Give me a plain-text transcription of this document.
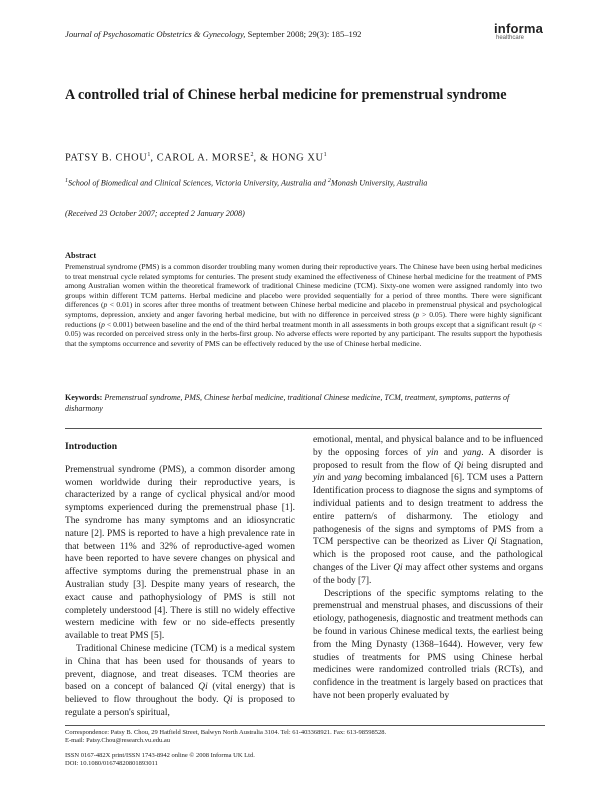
Journal of Psychosomatic Obstetrics & Gynecology, September 2008; 29(3): 185–192	informa
healthcare
A controlled trial of Chinese herbal medicine for premenstrual syndrome
PATSY B. CHOU$^1$, CAROL A. MORSE$^2$, & HONG $XU^1$
$^1$School of Biomedical and Clinical Sciences, Victoria University, Australia and $^2$Monash University, Australia
(Received 23 October 2007; accepted 2 January 2008)
Abstract
Premenstrual syndrome (PMS) is a common disorder troubling many women during their reproductive years. The Chinese have been using herbal medicines to treat menstrual cycle related symptoms for centuries. The present study examined the effectiveness of Chinese herbal medicine for the treatment of PMS among Australian women within the theoretical framework of traditional Chinese medicine (TCM). Sixty-one women were assigned randomly into two groups within different TCM patterns. Herbal medicine and placebo were provided sequentially for a period of three months. There were significant differences (p < 0.01) in scores after three months of treatment between Chinese herbal medicine and placebo in premenstrual physical and psychological symptoms, depression, anxiety and anger favoring herbal medicine, but with no difference in perceived stress (p > 0.05). There were highly significant reductions (p < 0.001) between baseline and the end of the third herbal treatment month in all assessments in both groups except that a significant result (p < 0.05) was recorded on perceived stress only in the herbs-first group. No adverse effects were reported by any participant. The results support the hypothesis that the symptoms occurrence and severity of PMS can be effectively reduced by the use of Chinese herbal medicine.
Keywords: Premenstrual syndrome, PMS, Chinese herbal medicine, traditional Chinese medicine, TCM, treatment, symptoms, patterns of disharmony

Introduction

Premenstrual syndrome (PMS), a common disorder among women worldwide during their reproductive years, is characterized by a range of cyclical physical and/or mood symptoms experienced during the premenstrual phase [1]. The syndrome has many symptoms and an idiosyncratic nature [2]. PMS is reported to have a high prevalence rate in that between 11% and 32% of reproductive-aged women have been reported to have severe changes on physical and affective symptoms during the premenstrual phase in an Australian study [3]. Despite many years of research, the exact cause and pathophysiology of PMS is still not completely understood [4]. There is still no widely effective western medicine with few or no side-effects presently available to treat PMS [5].

Traditional Chinese medicine (TCM) is a medical system in China that has been used for thousands of years to prevent, diagnose, and treat diseases. TCM theories are based on a concept of balanced Qi (vital energy) that is believed to flow throughout the body. Qi is proposed to regulate a person's spiritual,

emotional, mental, and physical balance and to be influenced by the opposing forces of yin and yang. A disorder is proposed to result from the flow of Qi being disrupted and yin and yang becoming imbalanced [6]. TCM uses a Pattern Identification process to diagnose the signs and symptoms of individual patients and to design treatment to address the entire pattern/s of disharmony. The etiology and pathogenesis of the signs and symptoms of PMS from a TCM perspective can be theorized as Liver Qi Stagnation, which is the proposed root cause, and the pathological changes of the Liver Qi may affect other systems and organs of the body [7].

Descriptions of the specific symptoms relating to the premenstrual and menstrual phases, and discussions of their etiology, pathogenesis, diagnostic and treatment methods can be found in various Chinese medical texts, the earliest being from the Ming Dynasty (1368–1644). However, very few studies of treatments for PMS using Chinese herbal medicines were randomized controlled trials (RCTs), and confidence in the treatment is largely based on practices that have not been properly evaluated by

Correspondence: Patsy B. Chou, 29 Hatfield Street, Balwyn North Australia 3104. Tel: 61-403368921. Fax: 613-98598528.
E-mail: Patsy.Chou@research.vu.edu.au
ISSN 0167-482X print/ISSN 1743-8942 online © 2008 Informa UK Ltd.
DOI: 10.1080/01674820801893011
